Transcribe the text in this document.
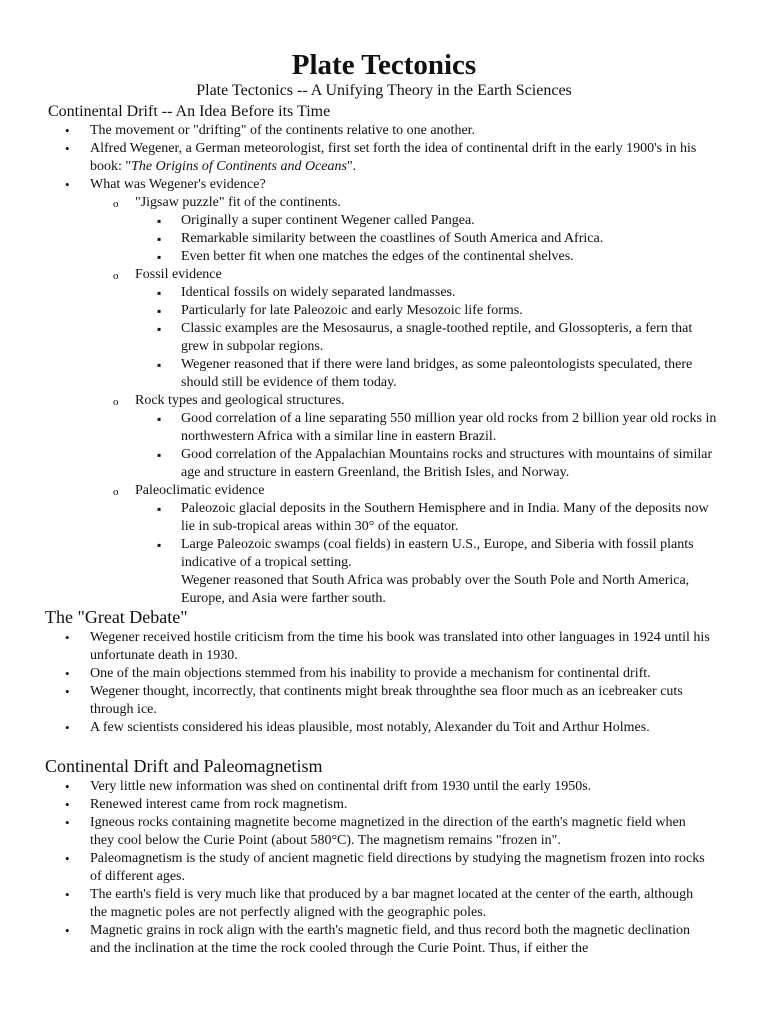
Plate Tectonics
Plate Tectonics -- A Unifying Theory in the Earth Sciences
Continental Drift -- An Idea Before its Time
• The movement or "drifting" of the continents relative to one another.
• Alfred Wegener, a German meteorologist, first set forth the idea of continental drift in the early 1900's in his book: "The Origins of Continents and Oceans".
• What was Wegener's evidence?
o "Jigsaw puzzle" fit of the continents.
▪ Originally a super continent Wegener called Pangea.
▪ Remarkable similarity between the coastlines of South America and Africa.
▪ Even better fit when one matches the edges of the continental shelves.
o Fossil evidence
▪ Identical fossils on widely separated landmasses.
▪ Particularly for late Paleozoic and early Mesozoic life forms.
▪ Classic examples are the Mesosaurus, a snagle-toothed reptile, and Glossopteris, a fern that grew in subpolar regions.
▪ Wegener reasoned that if there were land bridges, as some paleontologists speculated, there should still be evidence of them today.
o Rock types and geological structures.
▪ Good correlation of a line separating 550 million year old rocks from 2 billion year old rocks in northwestern Africa with a similar line in eastern Brazil.
▪ Good correlation of the Appalachian Mountains rocks and structures with mountains of similar age and structure in eastern Greenland, the British Isles, and Norway.
o Paleoclimatic evidence
▪ Paleozoic glacial deposits in the Southern Hemisphere and in India. Many of the deposits now lie in sub-tropical areas within 30° of the equator.
▪ Large Paleozoic swamps (coal fields) in eastern U.S., Europe, and Siberia with fossil plants indicative of a tropical setting.
Wegener reasoned that South Africa was probably over the South Pole and North America, Europe, and Asia were farther south.
The "Great Debate"
• Wegener received hostile criticism from the time his book was translated into other languages in 1924 until his unfortunate death in 1930.
• One of the main objections stemmed from his inability to provide a mechanism for continental drift.
• Wegener thought, incorrectly, that continents might break throughthe sea floor much as an icebreaker cuts through ice.
• A few scientists considered his ideas plausible, most notably, Alexander du Toit and Arthur Holmes.
Continental Drift and Paleomagnetism
• Very little new information was shed on continental drift from 1930 until the early 1950s.
• Renewed interest came from rock magnetism.
• Igneous rocks containing magnetite become magnetized in the direction of the earth's magnetic field when they cool below the Curie Point (about 580°C). The magnetism remains "frozen in".
• Paleomagnetism is the study of ancient magnetic field directions by studying the magnetism frozen into rocks of different ages.
• The earth's field is very much like that produced by a bar magnet located at the center of the earth, although the magnetic poles are not perfectly aligned with the geographic poles.
• Magnetic grains in rock align with the earth's magnetic field, and thus record both the magnetic declination and the inclination at the time the rock cooled through the Curie Point. Thus, if either the
